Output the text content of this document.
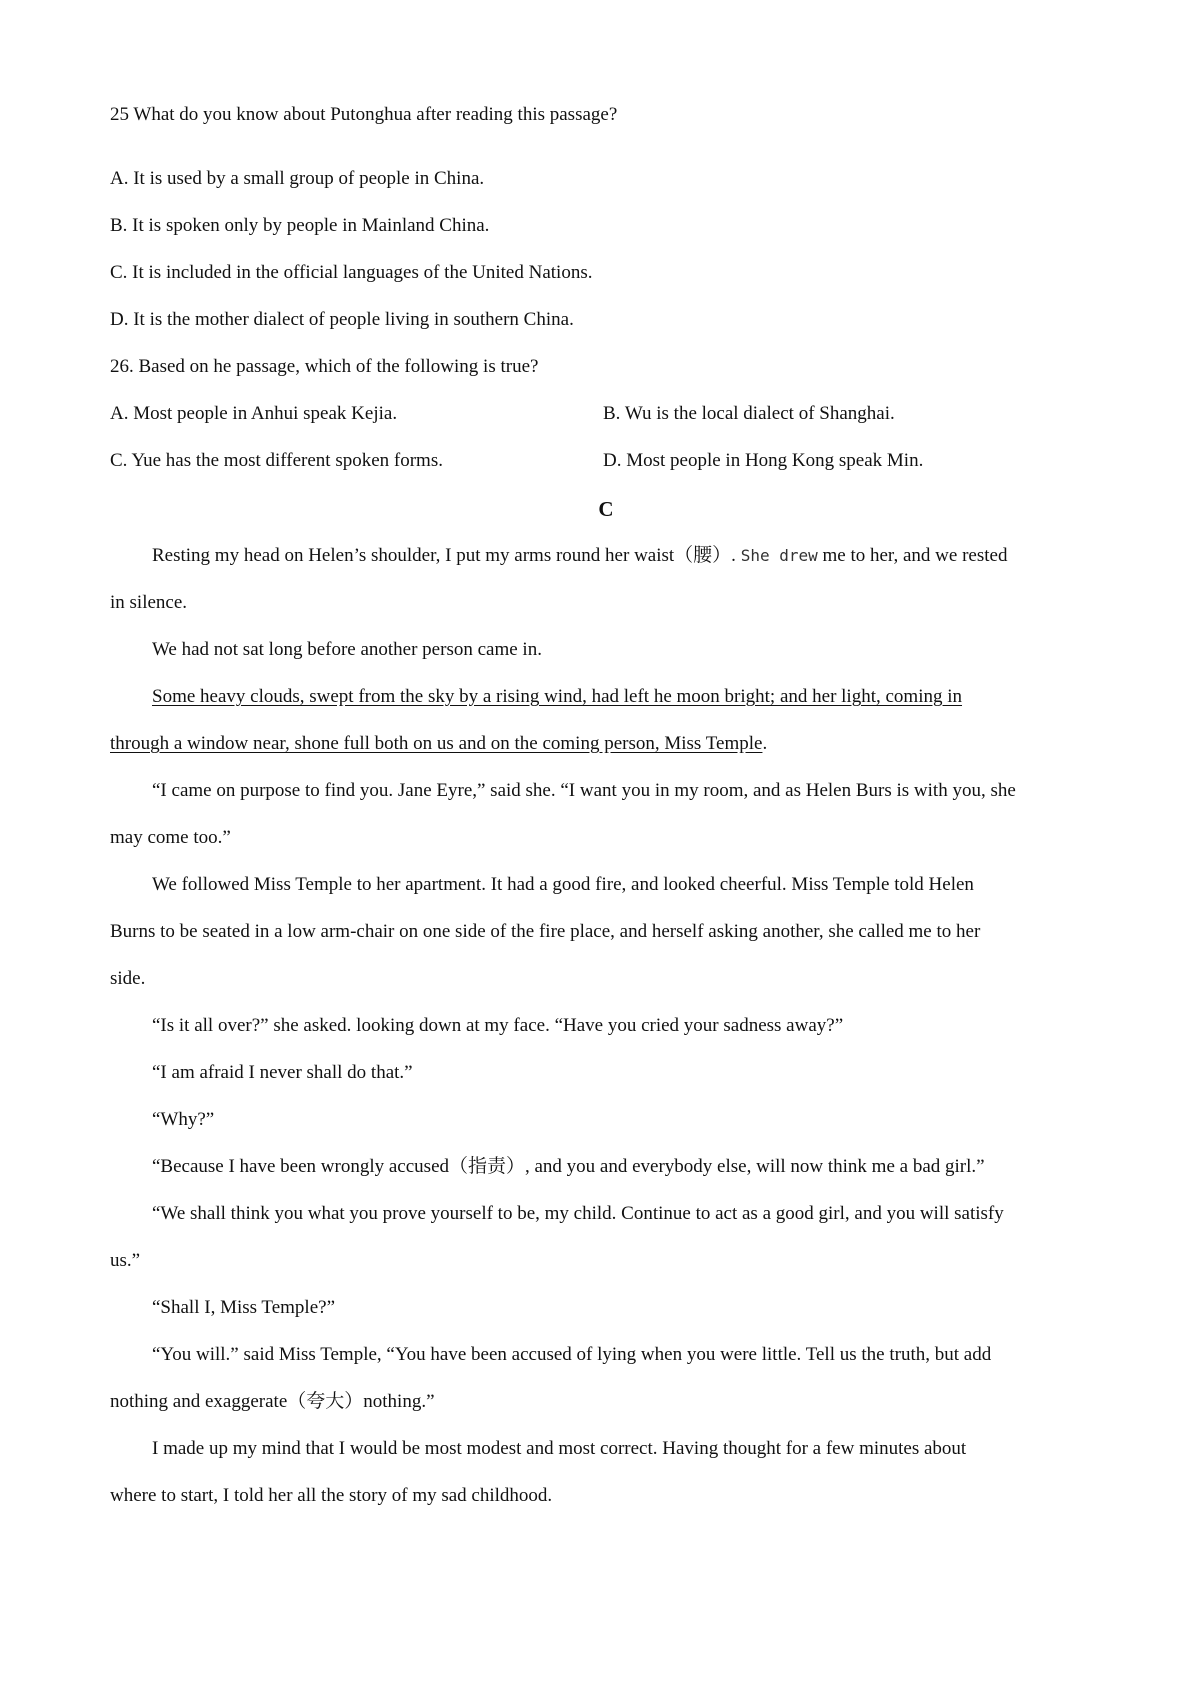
25 What do you know about Putonghua after reading this passage?
A. It is used by a small group of people in China.
B. It is spoken only by people in Mainland China.
C. It is included in the official languages of the United Nations.
D. It is the mother dialect of people living in southern China.
26. Based on he passage, which of the following is true?
A. Most people in Anhui speak Kejia.	B. Wu is the local dialect of Shanghai.
C. Yue has the most different spoken forms.	D. Most people in Hong Kong speak Min.
C
Resting my head on Helen’s shoulder, I put my arms round her waist（腰）. She drew me to her, and we rested
in silence.
We had not sat long before another person came in.
Some heavy clouds, swept from the sky by a rising wind, had left he moon bright; and her light, coming in
through a window near, shone full both on us and on the coming person, Miss Temple.
“I came on purpose to find you. Jane Eyre,” said she. “I want you in my room, and as Helen Burs is with you, she
may come too.”
We followed Miss Temple to her apartment. It had a good fire, and looked cheerful. Miss Temple told Helen
Burns to be seated in a low arm-chair on one side of the fire place, and herself asking another, she called me to her
side.
“Is it all over?” she asked. looking down at my face. “Have you cried your sadness away?”
“I am afraid I never shall do that.”
“Why?”
“Because I have been wrongly accused（指责）, and you and everybody else, will now think me a bad girl.”
“We shall think you what you prove yourself to be, my child. Continue to act as a good girl, and you will satisfy
us.”
“Shall I, Miss Temple?”
“You will.” said Miss Temple, “You have been accused of lying when you were little. Tell us the truth, but add
nothing and exaggerate（夸大）nothing.”
I made up my mind that I would be most modest and most correct. Having thought for a few minutes about
where to start, I told her all the story of my sad childhood.
